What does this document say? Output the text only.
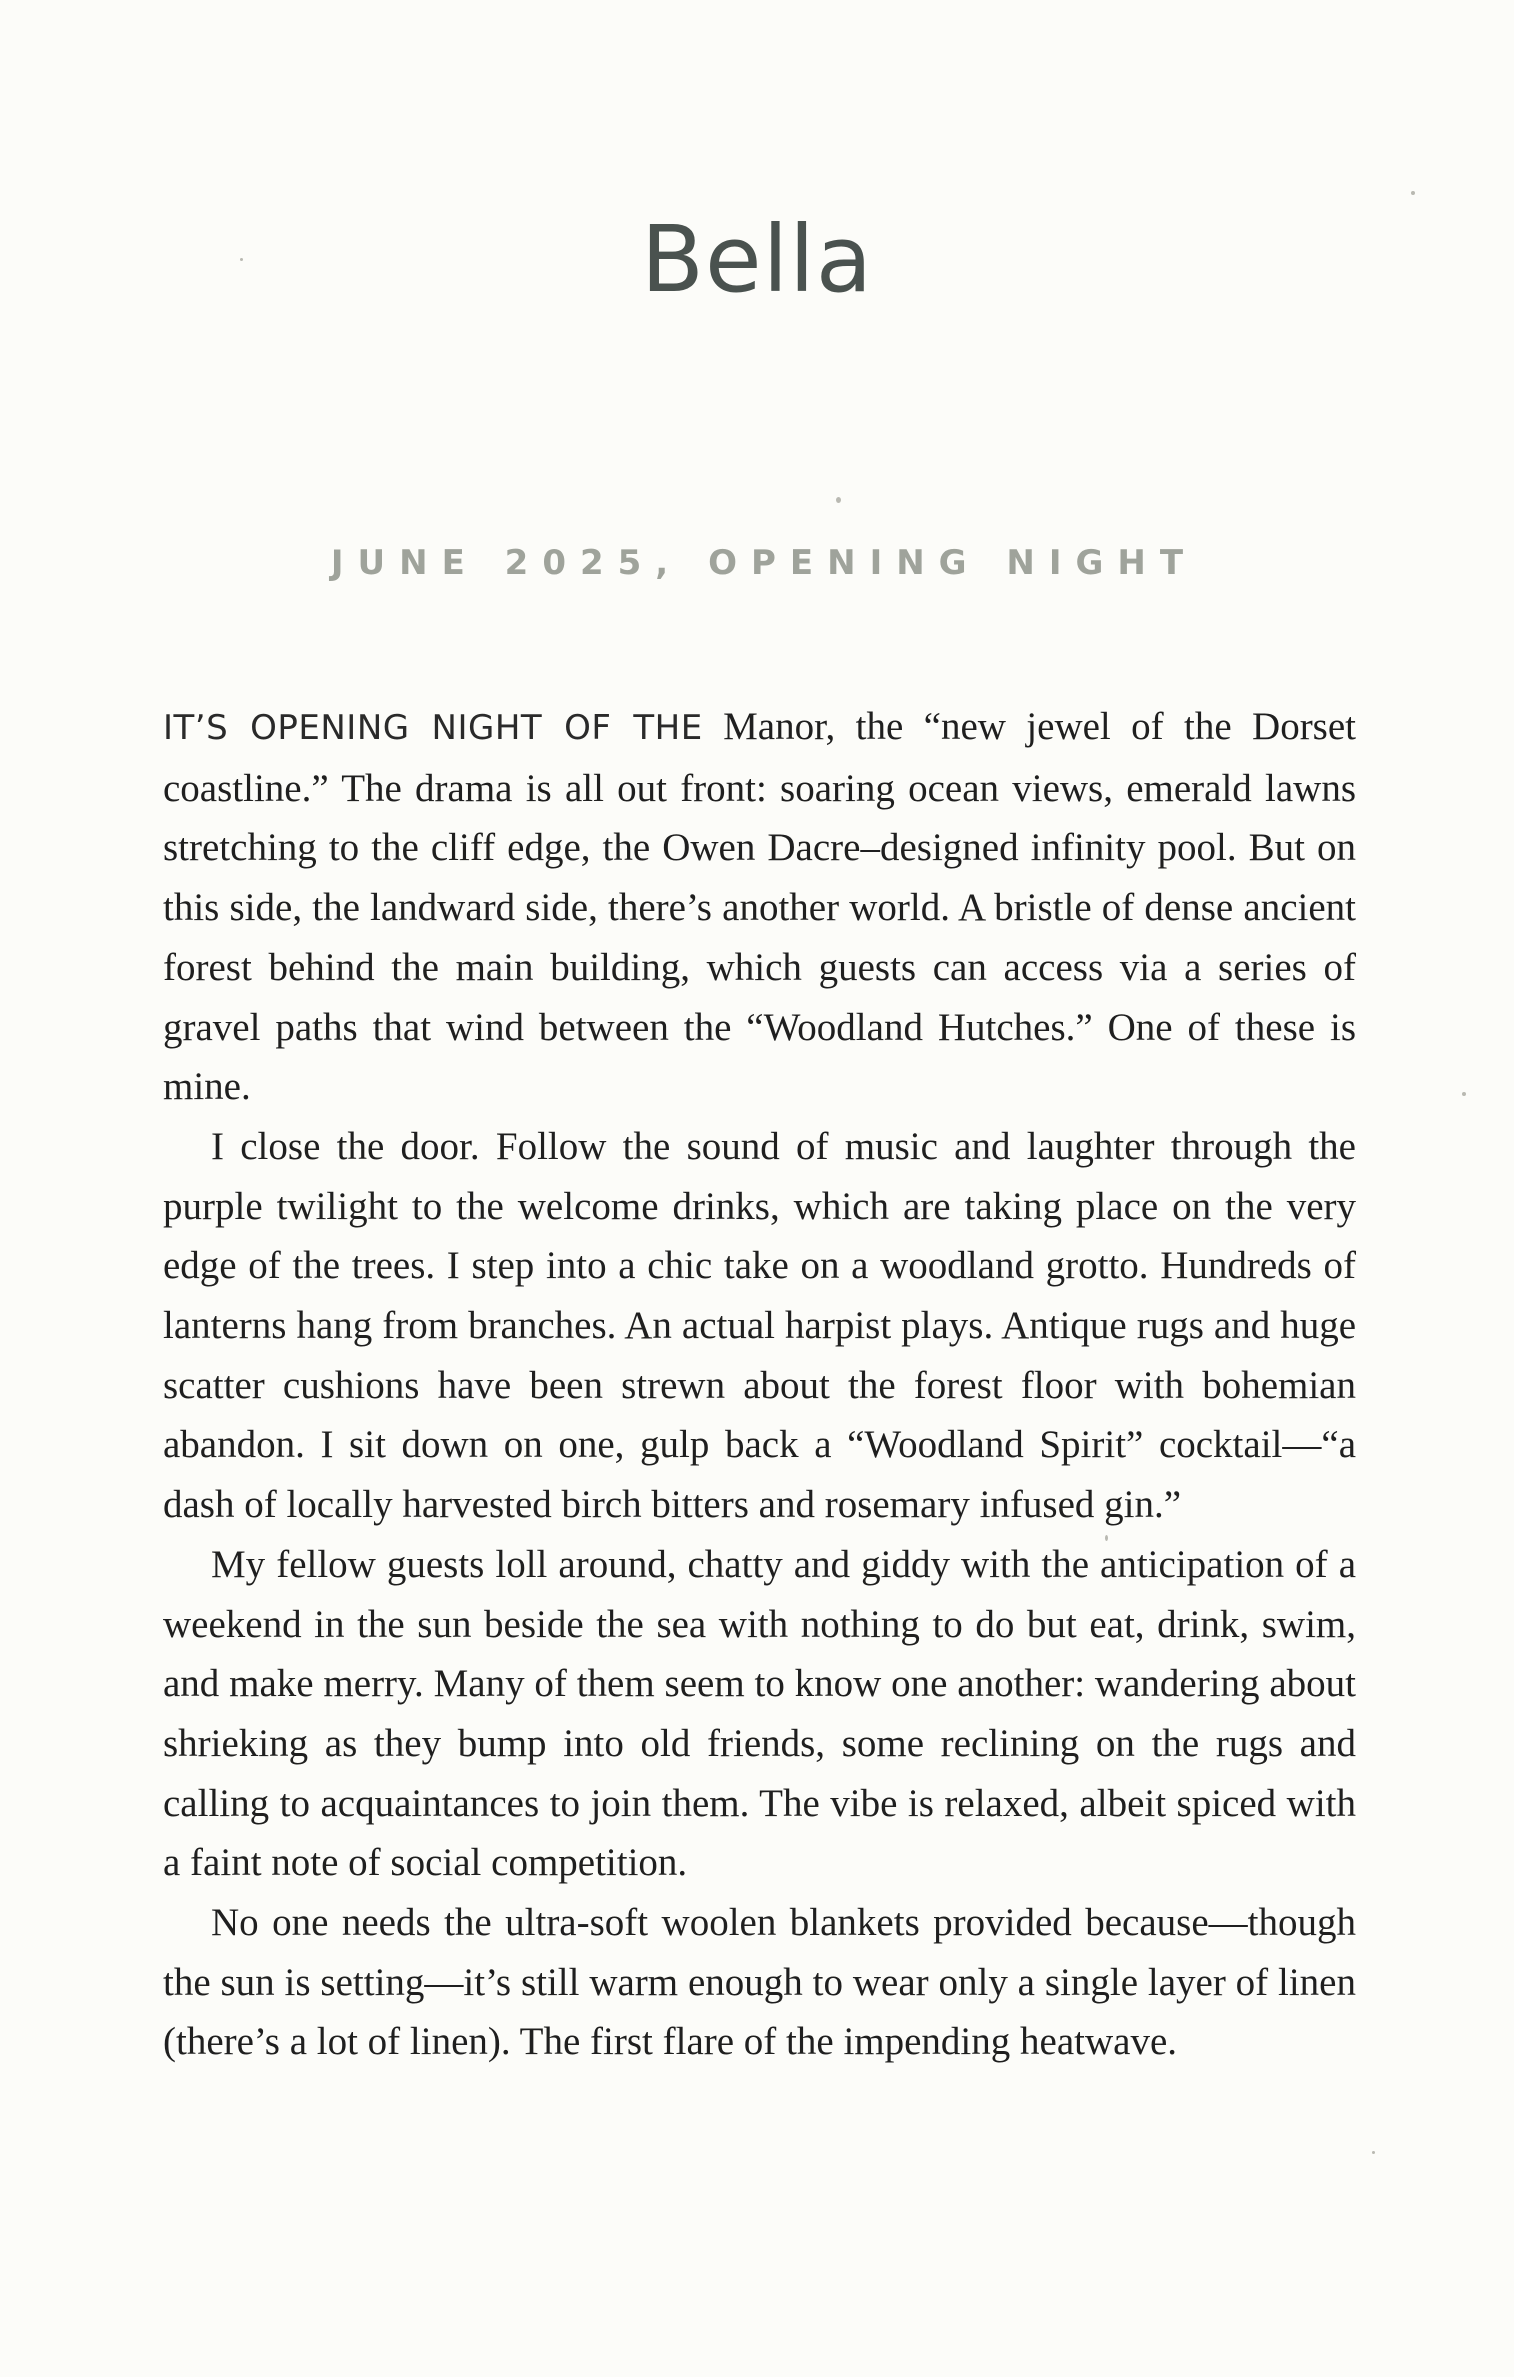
Bella
JUNE 2025, OPENING NIGHT

IT’S OPENING NIGHT OF THE Manor, the “new jewel of the Dorset coastline.” The drama is all out front: soaring ocean views, emerald lawns stretching to the cliff edge, the Owen Dacre–designed infinity pool. But on this side, the landward side, there’s another world. A bristle of dense ancient forest behind the main building, which guests can access via a series of gravel paths that wind between the “Woodland Hutches.” One of these is mine.

I close the door. Follow the sound of music and laughter through the purple twilight to the welcome drinks, which are taking place on the very edge of the trees. I step into a chic take on a woodland grotto. Hundreds of lanterns hang from branches. An actual harpist plays. Antique rugs and huge scatter cushions have been strewn about the forest floor with bohemian abandon. I sit down on one, gulp back a “Woodland Spirit” cocktail—“a dash of locally harvested birch bitters and rosemary infused gin.”

My fellow guests loll around, chatty and giddy with the anticipation of a weekend in the sun beside the sea with nothing to do but eat, drink, swim, and make merry. Many of them seem to know one another: wandering about shrieking as they bump into old friends, some reclining on the rugs and calling to acquaintances to join them. The vibe is relaxed, albeit spiced with a faint note of social competition.

No one needs the ultra-soft woolen blankets provided because—though the sun is setting—it’s still warm enough to wear only a single layer of linen (there’s a lot of linen). The first flare of the impending heatwave.
